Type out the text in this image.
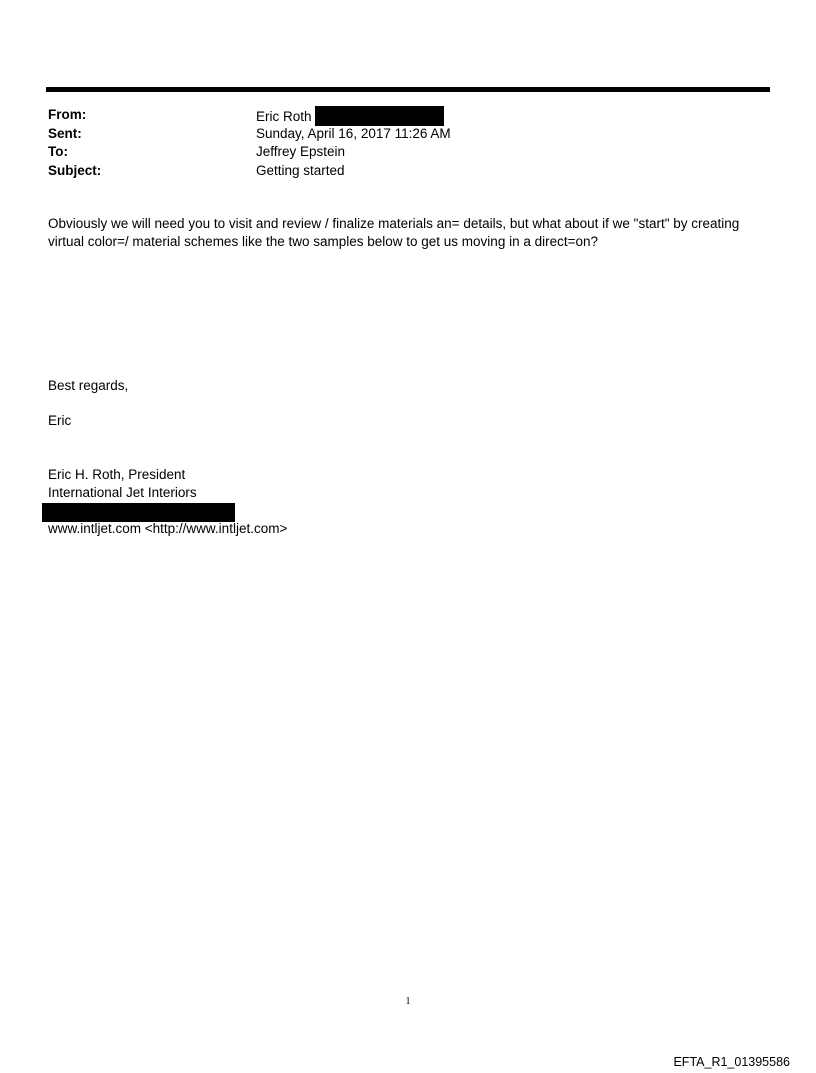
From:	Eric Roth
Sent:	Sunday, April 16, 2017 11:26 AM
To:	Jeffrey Epstein
Subject:	Getting started
Obviously we will need you to visit and review / finalize materials an= details, but what about if we "start" by creating
virtual color=/ material schemes like the two samples below to get us moving in a direct=on?
Best regards,
Eric
Eric H. Roth, President
International Jet Interiors
www.intljet.com <http://www.intljet.com>
1
EFTA_R1_01395586
